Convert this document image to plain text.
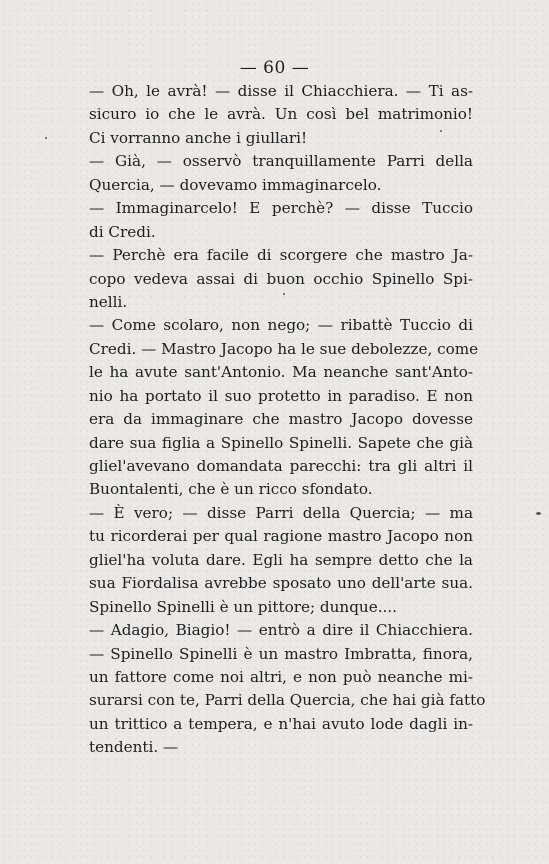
— 60 —
— Oh, le avrà! — disse il Chiacchiera. — Ti as-
sicuro io che le avrà. Un così bel matrimonio!
Ci vorranno anche i giullari!
— Già, — osservò tranquillamente Parri della
Quercia, — dovevamo immaginarcelo.
— Immaginarcelo! E perchè? — disse Tuccio
di Credi.
— Perchè era facile di scorgere che mastro Ja-
copo vedeva assai di buon occhio Spinello Spi-
nelli.
— Come scolaro, non nego; — ribattè Tuccio di
Credi. — Mastro Jacopo ha le sue debolezze, come
le ha avute sant'Antonio. Ma neanche sant'Anto-
nio ha portato il suo protetto in paradiso. E non
era da immaginare che mastro Jacopo dovesse
dare sua figlia a Spinello Spinelli. Sapete che già
gliel'avevano domandata parecchi: tra gli altri il
Buontalenti, che è un ricco sfondato.
— È vero; — disse Parri della Quercia; — ma
tu ricorderai per qual ragione mastro Jacopo non
gliel'ha voluta dare. Egli ha sempre detto che la
sua Fiordalisa avrebbe sposato uno dell'arte sua.
Spinello Spinelli è un pittore; dunque....
— Adagio, Biagio! — entrò a dire il Chiacchiera.
— Spinello Spinelli è un mastro Imbratta, finora,
un fattore come noi altri, e non può neanche mi-
surarsi con te, Parri della Quercia, che hai già fatto
un trittico a tempera, e n'hai avuto lode dagli in-
tendenti. —
